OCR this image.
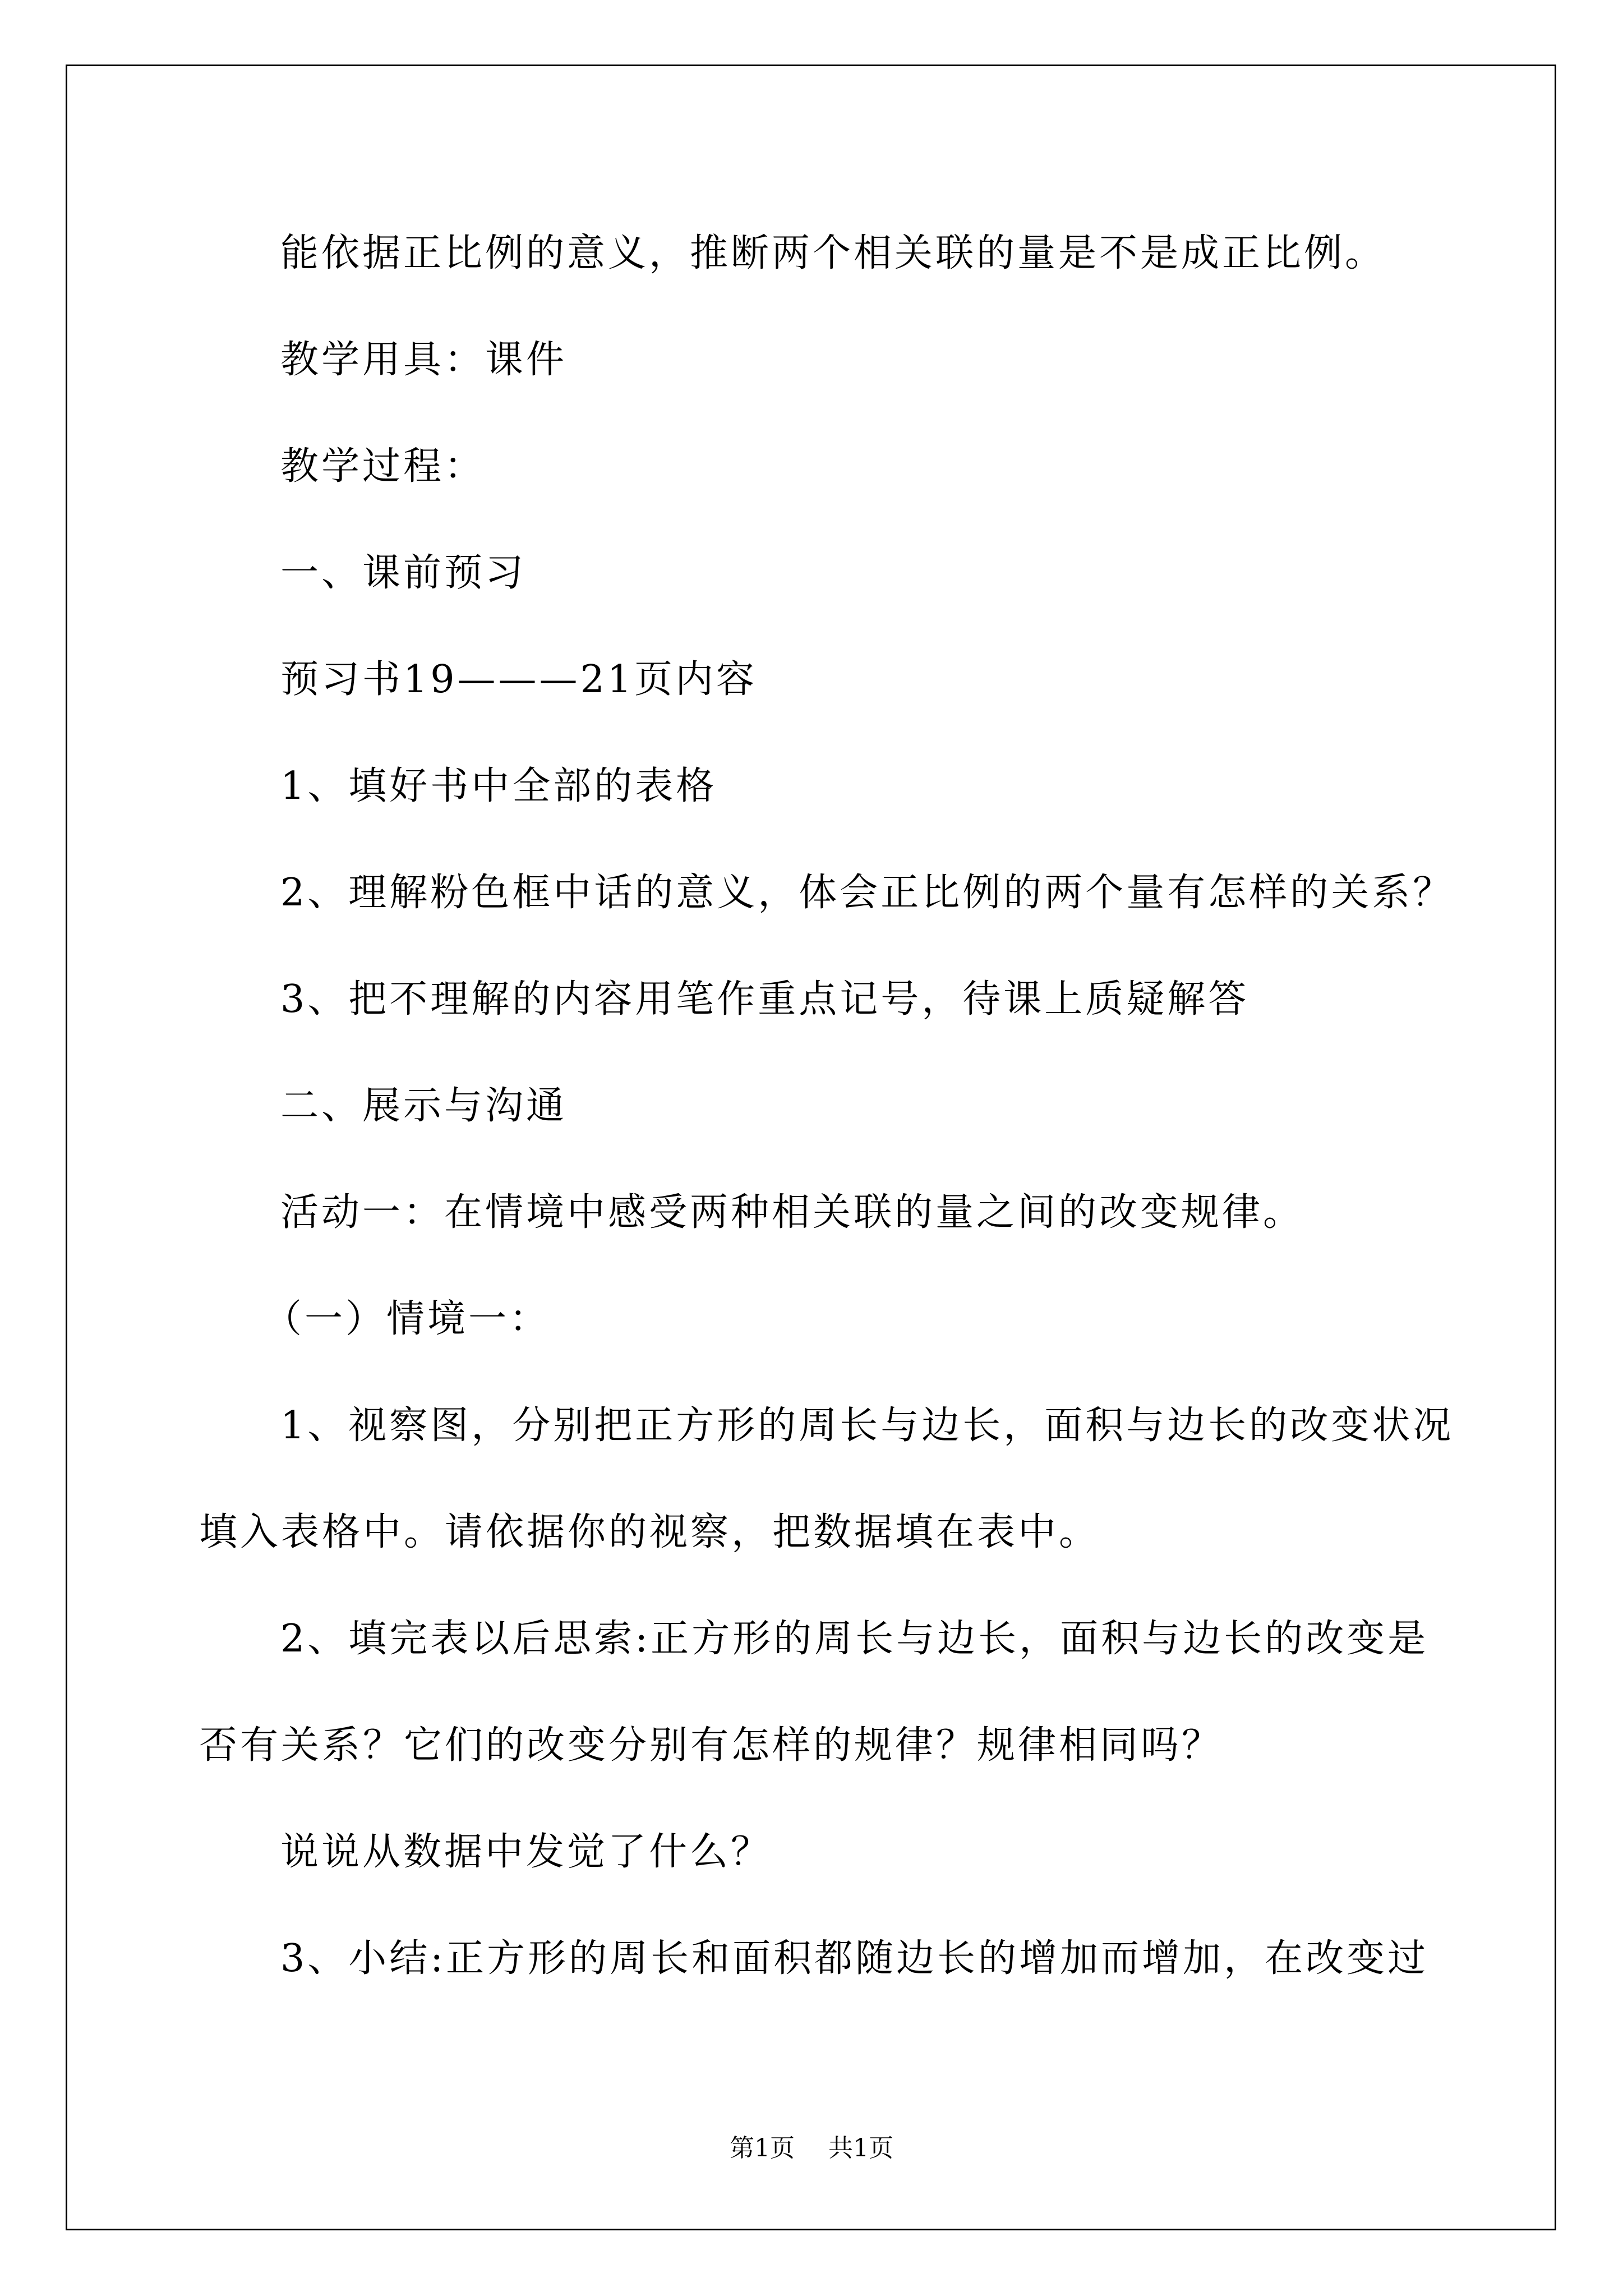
能依据正比例的意义，推断两个相关联的量是不是成正比例。
教学用具：课件
教学过程：
一、课前预习
预习书19———21页内容
1、填好书中全部的表格
2、理解粉色框中话的意义，体会正比例的两个量有怎样的关系？
3、把不理解的内容用笔作重点记号，待课上质疑解答
二、展示与沟通
活动一：在情境中感受两种相关联的量之间的改变规律。
（一）情境一：
1、视察图，分别把正方形的周长与边长，面积与边长的改变状况
填入表格中。请依据你的视察，把数据填在表中。
2、填完表以后思索:正方形的周长与边长，面积与边长的改变是
否有关系？它们的改变分别有怎样的规律？规律相同吗？
说说从数据中发觉了什么？
3、小结:正方形的周长和面积都随边长的增加而增加，在改变过
第1页 共1页
